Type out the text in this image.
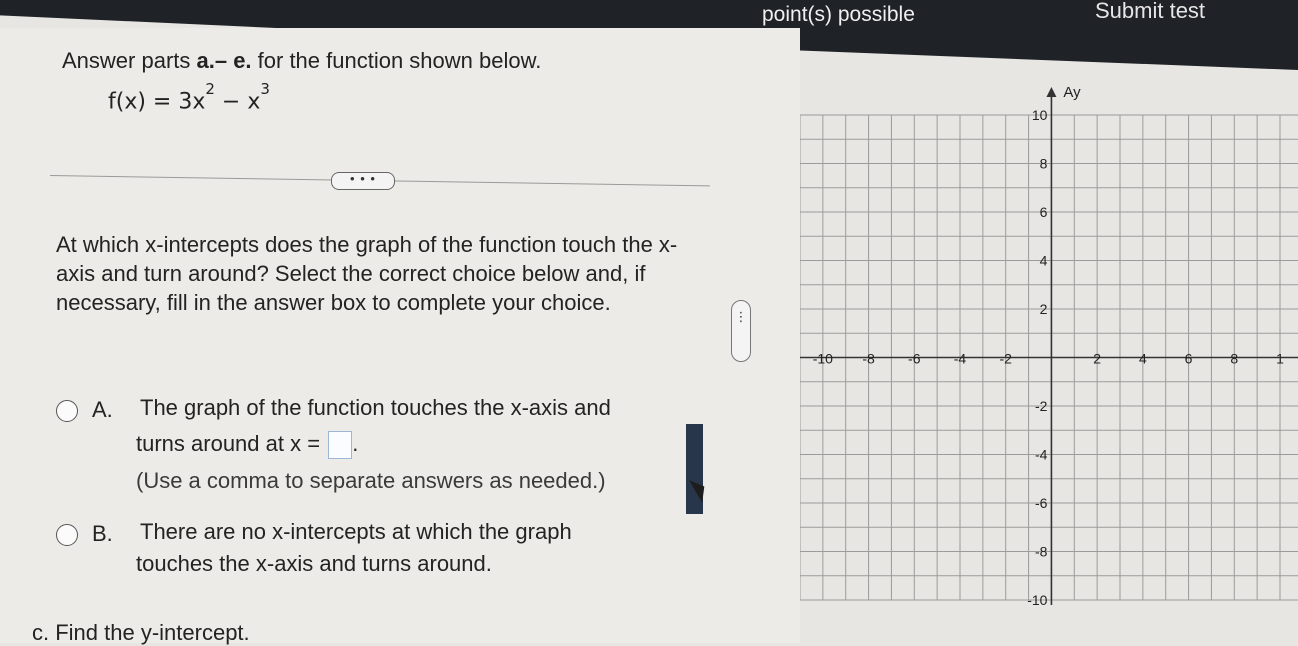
point(s) possible	Submit test
Answer parts a.– e. for the function shown below.
$f(x) = 3x^2 - x^3$
• • •
At which x-intercepts does the graph of the function touch the x-axis and turn around? Select the correct choice below and, if necessary, fill in the answer box to complete your choice.
⋮
A. The graph of the function touches the x-axis and
turns around at x = .
(Use a comma to separate answers as needed.)
B. There are no x-intercepts at which the graph
touches the x-axis and turns around.
c. Find the y-intercept.
Ay
-10 -8 -6 -4 -2	2	4	6	8	1
10
8
6
4
2
-2
-4
-6
-8
-10
